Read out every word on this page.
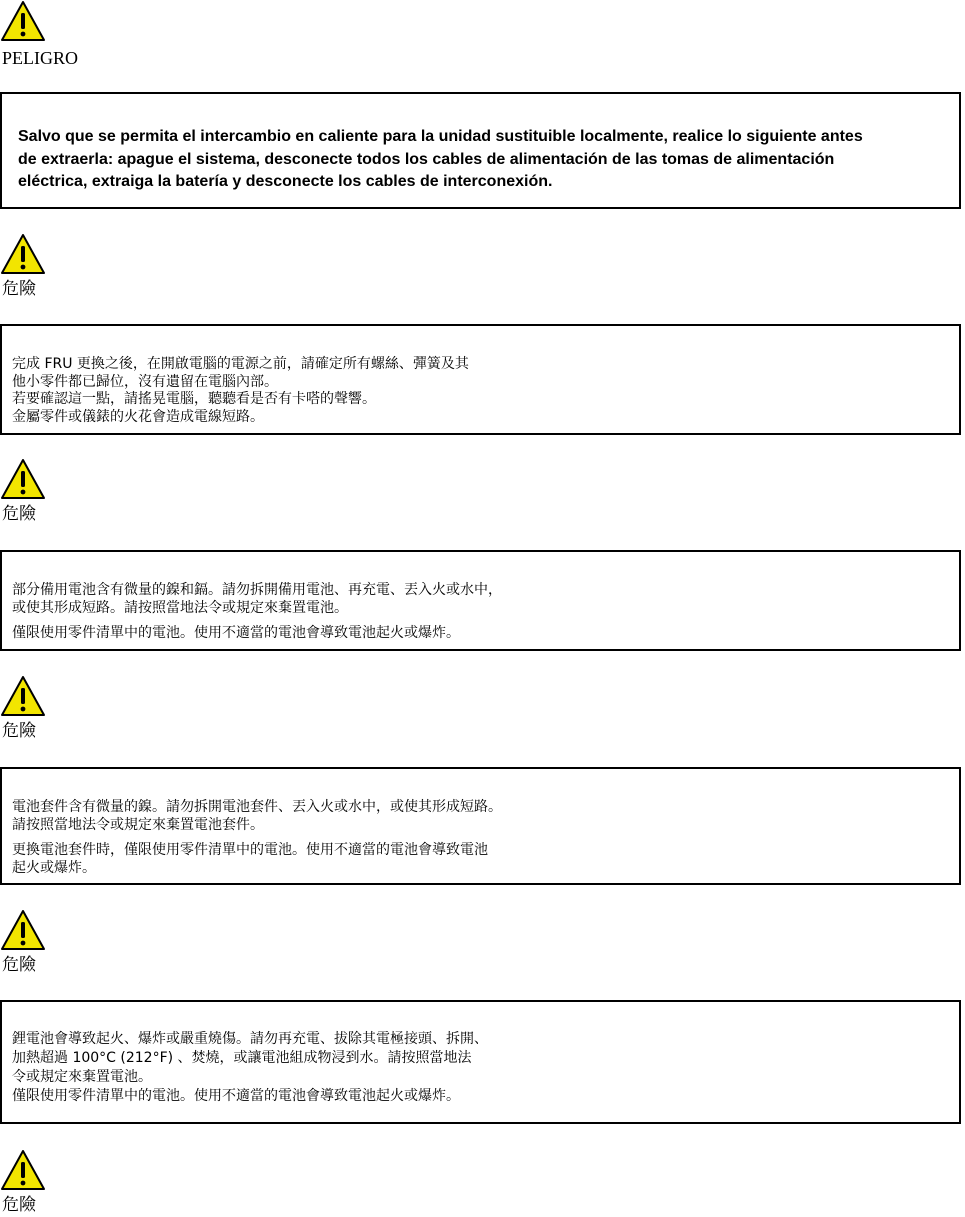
PELIGRO

Salvo que se permita el intercambio en caliente para la unidad sustituible localmente, realice lo siguiente antes
de extraerla: apague el sistema, desconecte todos los cables de alimentación de las tomas de alimentación
eléctrica, extraiga la batería y desconecte los cables de interconexión.

危險

完成 FRU 更換之後，在開啟電腦的電源之前，請確定所有螺絲、彈簧及其
他小零件都已歸位，沒有遺留在電腦內部。
若要確認這一點，請搖晃電腦，聽聽看是否有卡嗒的聲響。
金屬零件或儀錶的火花會造成電線短路。

危險

部分備用電池含有微量的鎳和鎘。請勿拆開備用電池、再充電、丟入火或水中，
或使其形成短路。請按照當地法令或規定來棄置電池。

僅限使用零件清單中的電池。使用不適當的電池會導致電池起火或爆炸。

危險

電池套件含有微量的鎳。請勿拆開電池套件、丟入火或水中，或使其形成短路。
請按照當地法令或規定來棄置電池套件。

更換電池套件時，僅限使用零件清單中的電池。使用不適當的電池會導致電池
起火或爆炸。

危險

鋰電池會導致起火、爆炸或嚴重燒傷。請勿再充電、拔除其電極接頭、拆開、
加熱超過 100°C (212°F) 、焚燒，或讓電池組成物浸到水。請按照當地法
令或規定來棄置電池。
僅限使用零件清單中的電池。使用不適當的電池會導致電池起火或爆炸。

危險
